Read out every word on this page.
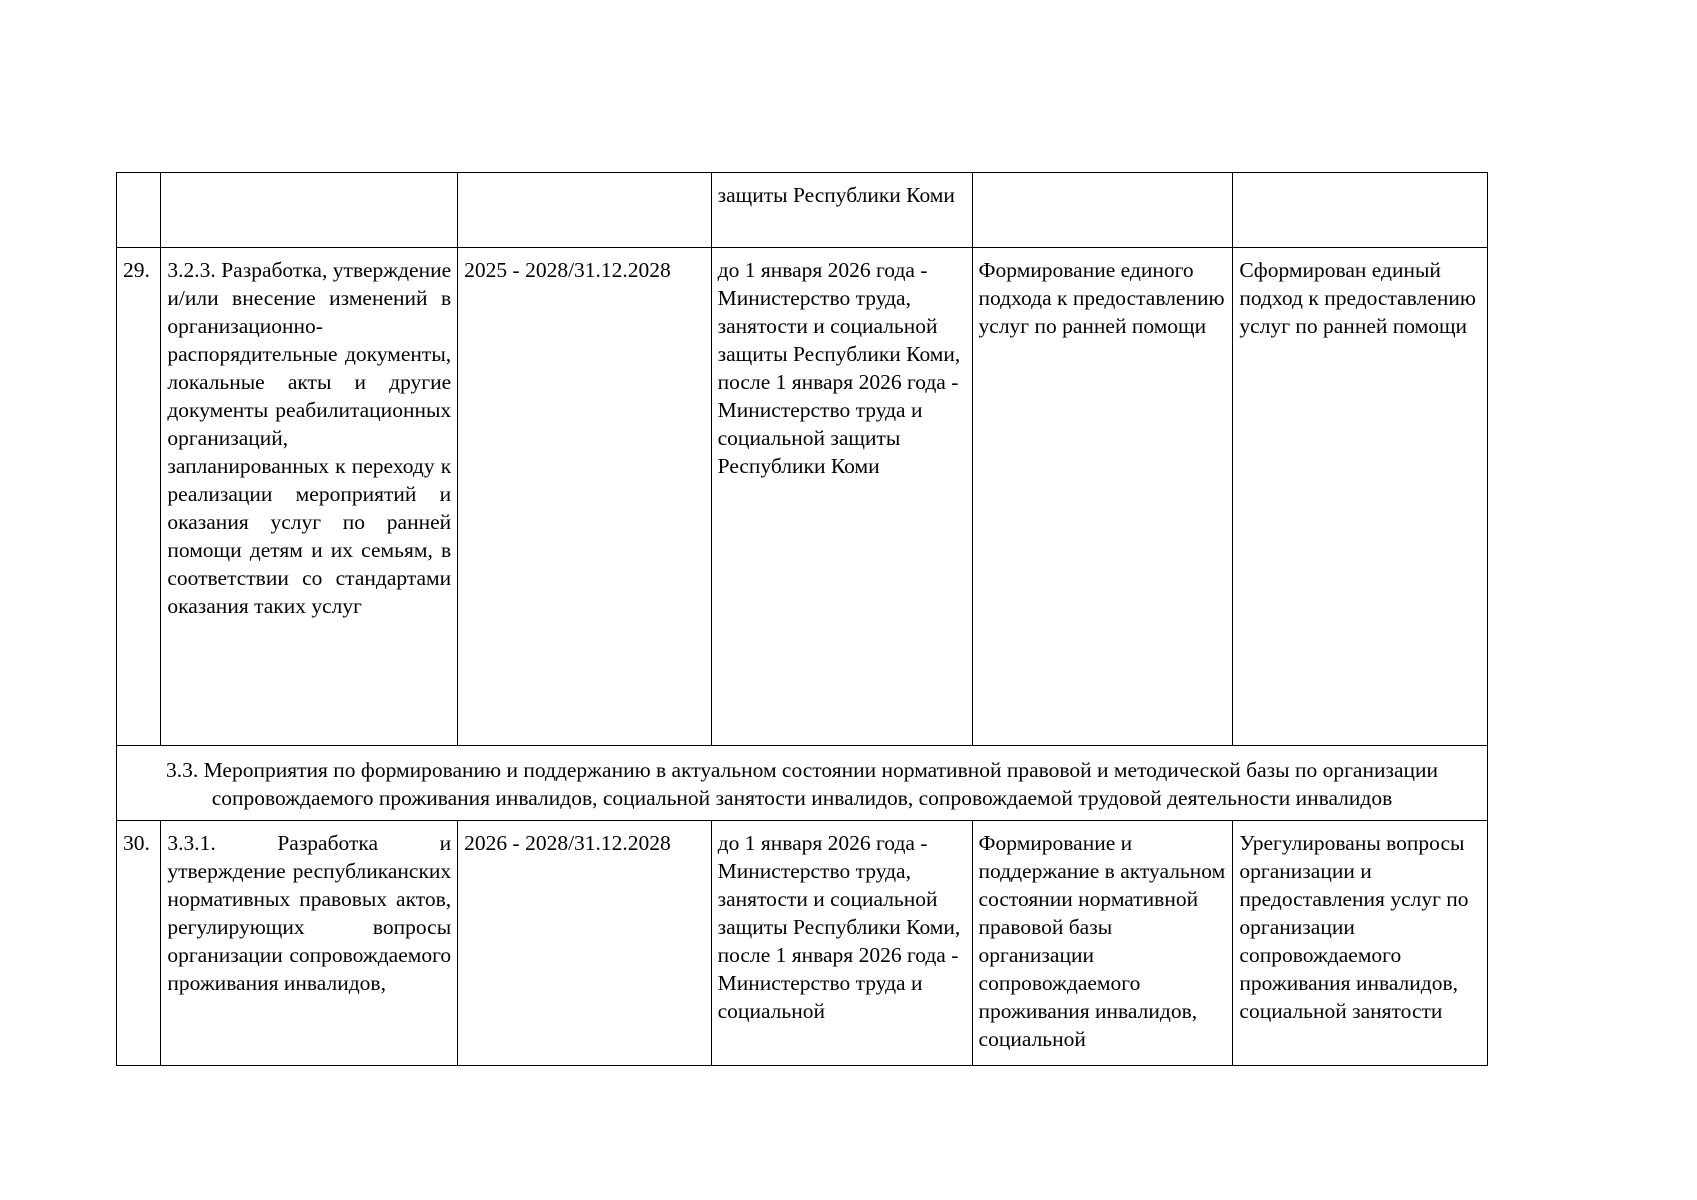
			защиты Республики Коми		
29.	3.2.3. Разработка, утверждение и/или внесение изменений в организационно-распорядительные документы, локальные акты и другие документы реабилитационных организаций, запланированных к переходу к реализации мероприятий и оказания услуг по ранней помощи детям и их семьям, в соответствии со стандартами оказания таких услуг	2025 - 2028/31.12.2028	до 1 января 2026 года - Министерство труда, занятости и социальной защиты Республики Коми, после 1 января 2026 года - Министерство труда и социальной защиты Республики Коми	Формирование единого подхода к предоставлению услуг по ранней помощи	Сформирован единый подход к предоставлению услуг по ранней помощи
3.3. Мероприятия по формированию и поддержанию в актуальном состоянии нормативной правовой и методической базы по организации сопровождаемого проживания инвалидов, социальной занятости инвалидов, сопровождаемой трудовой деятельности инвалидов					
30.	3.3.1. Разработка и утверждение республиканских нормативных правовых актов, регулирующих вопросы организации сопровождаемого проживания инвалидов,	2026 - 2028/31.12.2028	до 1 января 2026 года - Министерство труда, занятости и социальной защиты Республики Коми, после 1 января 2026 года - Министерство труда и социальной	Формирование и поддержание в актуальном состоянии нормативной правовой базы организации сопровождаемого проживания инвалидов, социальной	Урегулированы вопросы организации и предоставления услуг по организации сопровождаемого проживания инвалидов, социальной занятости
